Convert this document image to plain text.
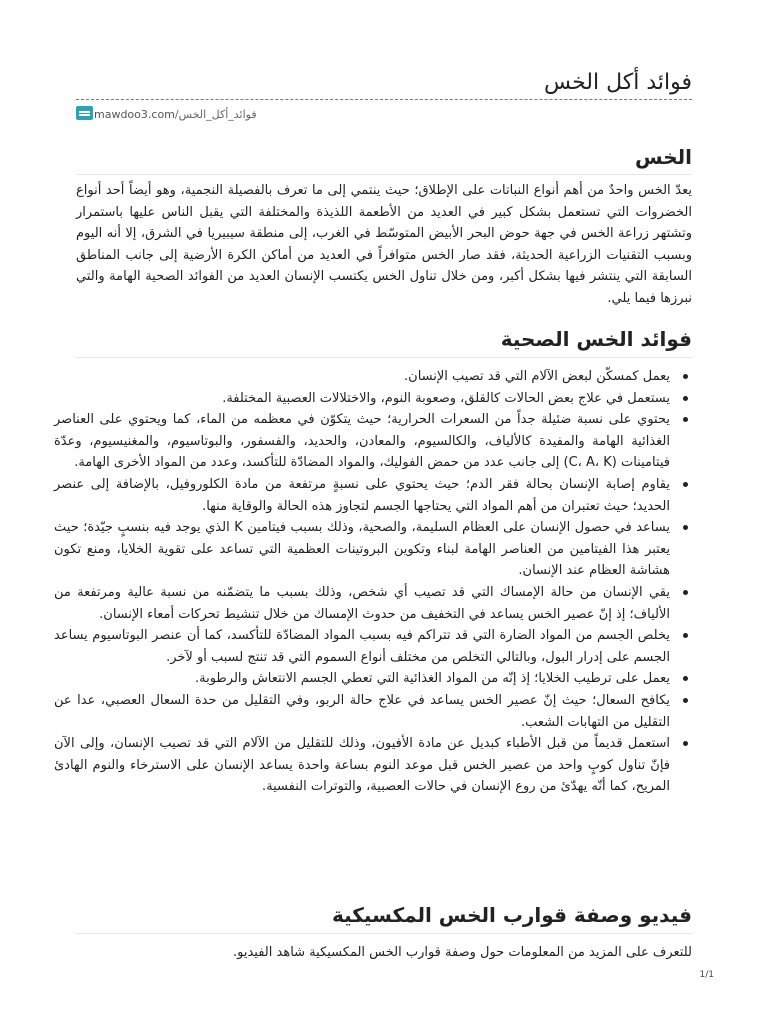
فوائد أكل الخس
mawdoo3.com/فوائد_أكل_الخس
الخس

يعدّ الخس واحدٌ من أهم أنواع النباتات على الإطلاق؛ حيث ينتمي إلى ما تعرف بالفصيلة النجمية، وهو أيضاً أحد أنواع الخضروات التي تستعمل بشكل كبير في العديد من الأطعمة اللذيذة والمختلفة التي يقبل الناس عليها باستمرار وتشتهر زراعة الخس في جهة حوض البحر الأبيض المتوسّط في الغرب، إلى منطقة سيبيريا في الشرق، إلا أنه اليوم وبسبب التقنيات الزراعية الحديثة، فقد صار الخس متوافراً في العديد من أماكن الكرة الأرضية إلى جانب المناطق السابقة التي ينتشر فيها بشكل أكبر، ومن خلال تناول الخس يكتسب الإنسان العديد من الفوائد الصحية الهامة والتي نبرزها فيما يلي.

فوائد الخس الصحية
يعمل كمسكّن لبعض الآلام التي قد تصيب الإنسان.
يستعمل في علاج بعض الحالات كالقلق، وصعوبة النوم، والاختلالات العصبية المختلفة.
يحتوي على نسبة ضئيلة جداً من السعرات الحرارية؛ حيث يتكوّن في معظمه من الماء، كما ويحتوي على العناصر الغذائية الهامة والمفيدة كالألياف، والكالسيوم، والمعادن، والحديد، والفسفور، والبوتاسيوم، والمغنيسيوم، وعدّة فيتامينات (C، A، K) إلى جانب عدد من حمض الفوليك، والمواد المضادّة للتأكسد، وعدد من المواد الأخرى الهامة.
يقاوم إصابة الإنسان بحالة فقر الدم؛ حيث يحتوي على نسبةٍ مرتفعة من مادة الكلوروفيل، بالإضافة إلى عنصر الحديد؛ حيث تعتبران من أهم المواد التي يحتاجها الجسم لتجاوز هذه الحالة والوقاية منها.
يساعد في حصول الإنسان على العظام السليمة، والصحية، وذلك بسبب فيتامين K الذي يوجد فيه بنسبٍ جيّدة؛ حيث يعتبر هذا الفيتامين من العناصر الهامة لبناء وتكوين البروتينات العظمية التي تساعد على تقوية الخلايا، ومنع تكون هشاشة العظام عند الإنسان.
يقي الإنسان من حالة الإمساك التي قد تصيب أي شخص، وذلك بسبب ما يتضمّنه من نسبة عالية ومرتفعة من الألياف؛ إذ إنّ عصير الخس يساعد في التخفيف من حدوث الإمساك من خلال تنشيط تحركات أمعاء الإنسان.
يخلص الجسم من المواد الضارة التي قد تتراكم فيه بسبب المواد المضادّة للتأكسد، كما أن عنصر البوتاسيوم يساعد الجسم على إدرار البول، وبالتالي التخلص من مختلف أنواع السموم التي قد تنتج لسبب أو لآخر.
يعمل على ترطيب الخلايا؛ إذ إنّه من المواد الغذائية التي تعطي الجسم الانتعاش والرطوبة.
يكافح السعال؛ حيث إنّ عصير الخس يساعد في علاج حالة الربو، وفي التقليل من حدة السعال العصبي، عدا عن التقليل من التهابات الشعب.
استعمل قديماً من قبل الأطباء كبديل عن مادة الأفيون، وذلك للتقليل من الآلام التي قد تصيب الإنسان، وإلى الآن فإنّ تناول كوبٍ واحد من عصير الخس قبل موعد النوم بساعة واحدة يساعد الإنسان على الاسترخاء والنوم الهادئ المريح، كما أنّه يهدّئ من روع الإنسان في حالات العصبية، والتوترات النفسية.
فيديو وصفة قوارب الخس المكسيكية

للتعرف على المزيد من المعلومات حول وصفة قوارب الخس المكسيكية شاهد الفيديو.

1/1
